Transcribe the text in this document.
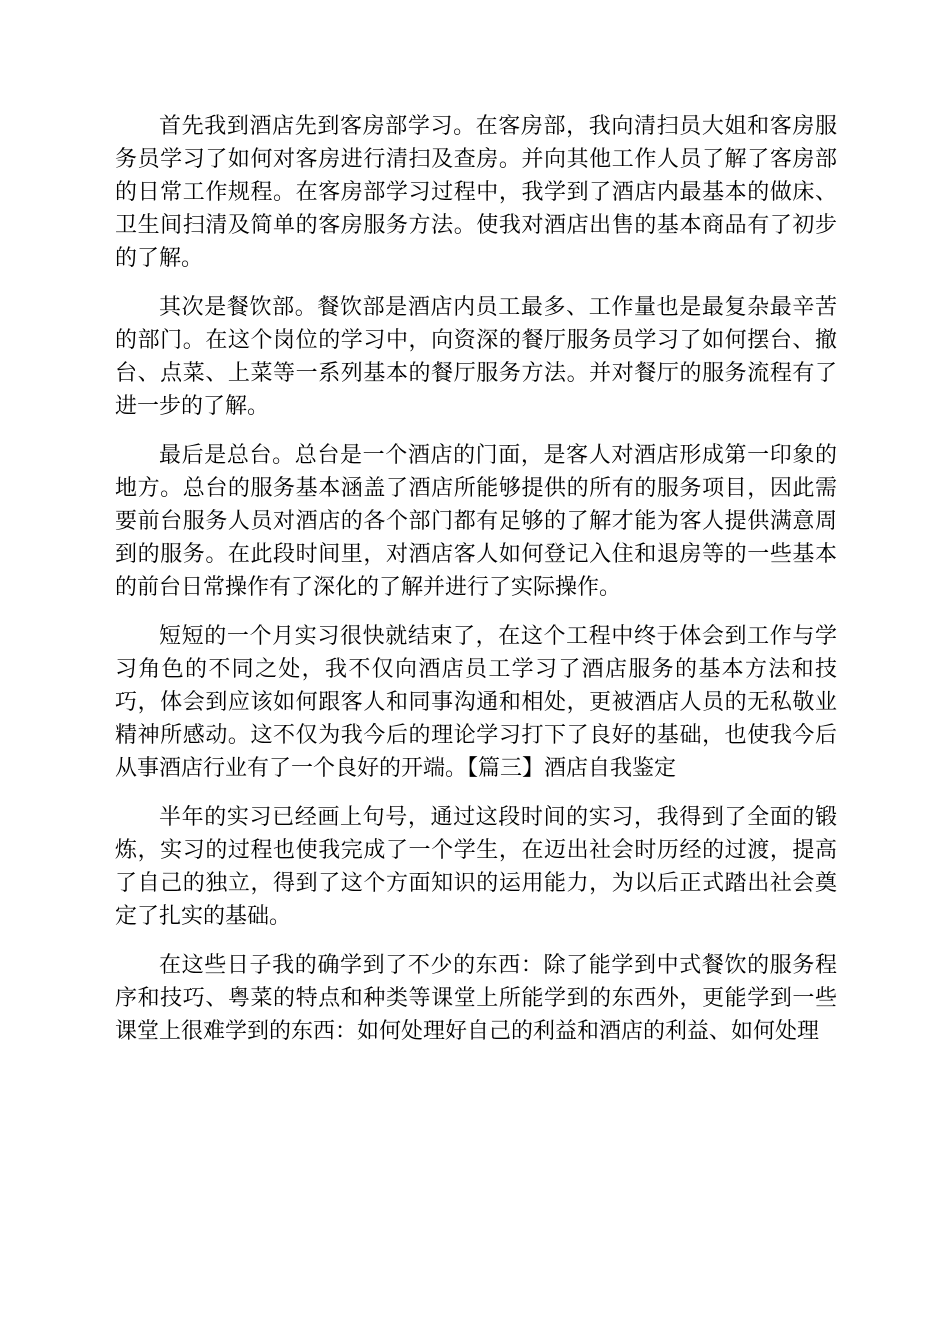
首先我到酒店先到客房部学习。在客房部，我向清扫员大姐和客房服务员学习了如何对客房进行清扫及查房。并向其他工作人员了解了客房部的日常工作规程。在客房部学习过程中，我学到了酒店内最基本的做床、卫生间扫清及简单的客房服务方法。使我对酒店出售的基本商品有了初步的了解。

其次是餐饮部。餐饮部是酒店内员工最多、工作量也是最复杂最辛苦的部门。在这个岗位的学习中，向资深的餐厅服务员学习了如何摆台、撤台、点菜、上菜等一系列基本的餐厅服务方法。并对餐厅的服务流程有了进一步的了解。

最后是总台。总台是一个酒店的门面，是客人对酒店形成第一印象的地方。总台的服务基本涵盖了酒店所能够提供的所有的服务项目，因此需要前台服务人员对酒店的各个部门都有足够的了解才能为客人提供满意周到的服务。在此段时间里，对酒店客人如何登记入住和退房等的一些基本的前台日常操作有了深化的了解并进行了实际操作。

短短的一个月实习很快就结束了，在这个工程中终于体会到工作与学习角色的不同之处，我不仅向酒店员工学习了酒店服务的基本方法和技巧，体会到应该如何跟客人和同事沟通和相处，更被酒店人员的无私敬业精神所感动。这不仅为我今后的理论学习打下了良好的基础，也使我今后从事酒店行业有了一个良好的开端。【篇三】酒店自我鉴定

半年的实习已经画上句号，通过这段时间的实习，我得到了全面的锻炼，实习的过程也使我完成了一个学生，在迈出社会时历经的过渡，提高了自己的独立，得到了这个方面知识的运用能力，为以后正式踏出社会奠定了扎实的基础。

在这些日子我的确学到了不少的东西：除了能学到中式餐饮的服务程序和技巧、粤菜的特点和种类等课堂上所能学到的东西外，更能学到一些课堂上很难学到的东西：如何处理好自己的利益和酒店的利益、如何处理
